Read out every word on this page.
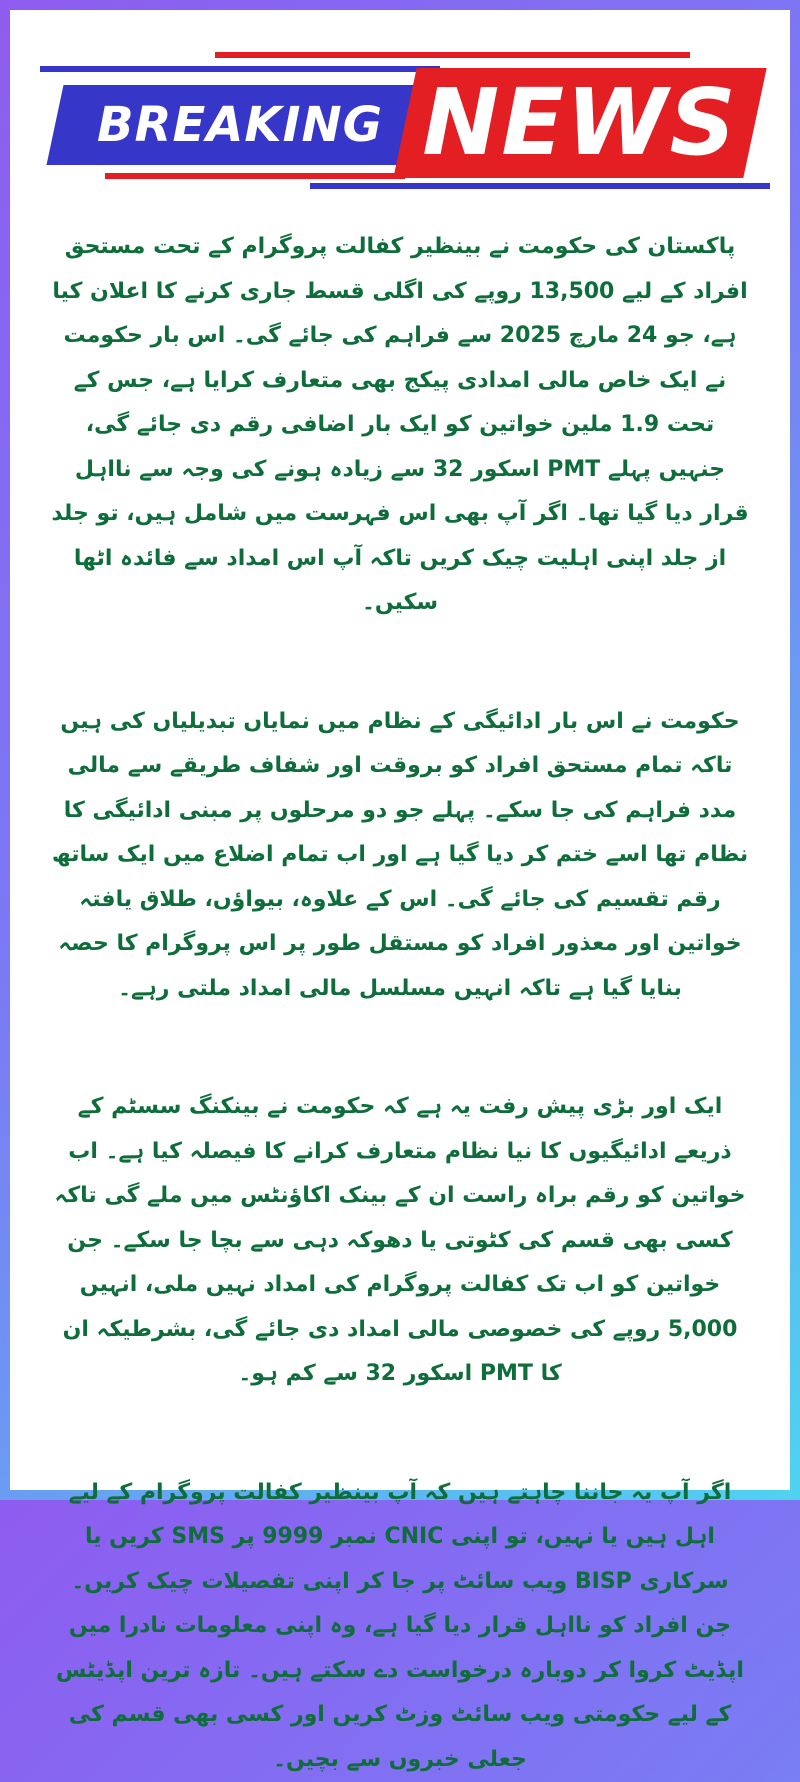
BREAKING NEWS

پاکستان کی حکومت نے بینظیر کفالت پروگرام کے تحت مستحق افراد کے لیے 13,500 روپے کی اگلی قسط جاری کرنے کا اعلان کیا ہے، جو 24 مارچ 2025 سے فراہم کی جائے گی۔ اس بار حکومت نے ایک خاص مالی امدادی پیکج بھی متعارف کرایا ہے، جس کے تحت 1.9 ملین خواتین کو ایک بار اضافی رقم دی جائے گی، جنہیں پہلے PMT اسکور 32 سے زیادہ ہونے کی وجہ سے نااہل قرار دیا گیا تھا۔ اگر آپ بھی اس فہرست میں شامل ہیں، تو جلد از جلد اپنی اہلیت چیک کریں تاکہ آپ اس امداد سے فائدہ اٹھا سکیں۔

حکومت نے اس بار ادائیگی کے نظام میں نمایاں تبدیلیاں کی ہیں تاکہ تمام مستحق افراد کو بروقت اور شفاف طریقے سے مالی مدد فراہم کی جا سکے۔ پہلے جو دو مرحلوں پر مبنی ادائیگی کا نظام تھا اسے ختم کر دیا گیا ہے اور اب تمام اضلاع میں ایک ساتھ رقم تقسیم کی جائے گی۔ اس کے علاوہ، بیواؤں، طلاق یافتہ خواتین اور معذور افراد کو مستقل طور پر اس پروگرام کا حصہ بنایا گیا ہے تاکہ انہیں مسلسل مالی امداد ملتی رہے۔

ایک اور بڑی پیش رفت یہ ہے کہ حکومت نے بینکنگ سسٹم کے ذریعے ادائیگیوں کا نیا نظام متعارف کرانے کا فیصلہ کیا ہے۔ اب خواتین کو رقم براہ راست ان کے بینک اکاؤنٹس میں ملے گی تاکہ کسی بھی قسم کی کٹوتی یا دھوکہ دہی سے بچا جا سکے۔ جن خواتین کو اب تک کفالت پروگرام کی امداد نہیں ملی، انہیں 5,000 روپے کی خصوصی مالی امداد دی جائے گی، بشرطیکہ ان کا PMT اسکور 32 سے کم ہو۔

اگر آپ یہ جاننا چاہتے ہیں کہ آپ بینظیر کفالت پروگرام کے لیے اہل ہیں یا نہیں، تو اپنی CNIC نمبر 9999 پر SMS کریں یا سرکاری BISP ویب سائٹ پر جا کر اپنی تفصیلات چیک کریں۔ جن افراد کو نااہل قرار دیا گیا ہے، وہ اپنی معلومات نادرا میں اپڈیٹ کروا کر دوبارہ درخواست دے سکتے ہیں۔ تازہ ترین اپڈیٹس کے لیے حکومتی ویب سائٹ وزٹ کریں اور کسی بھی قسم کی جعلی خبروں سے بچیں۔
